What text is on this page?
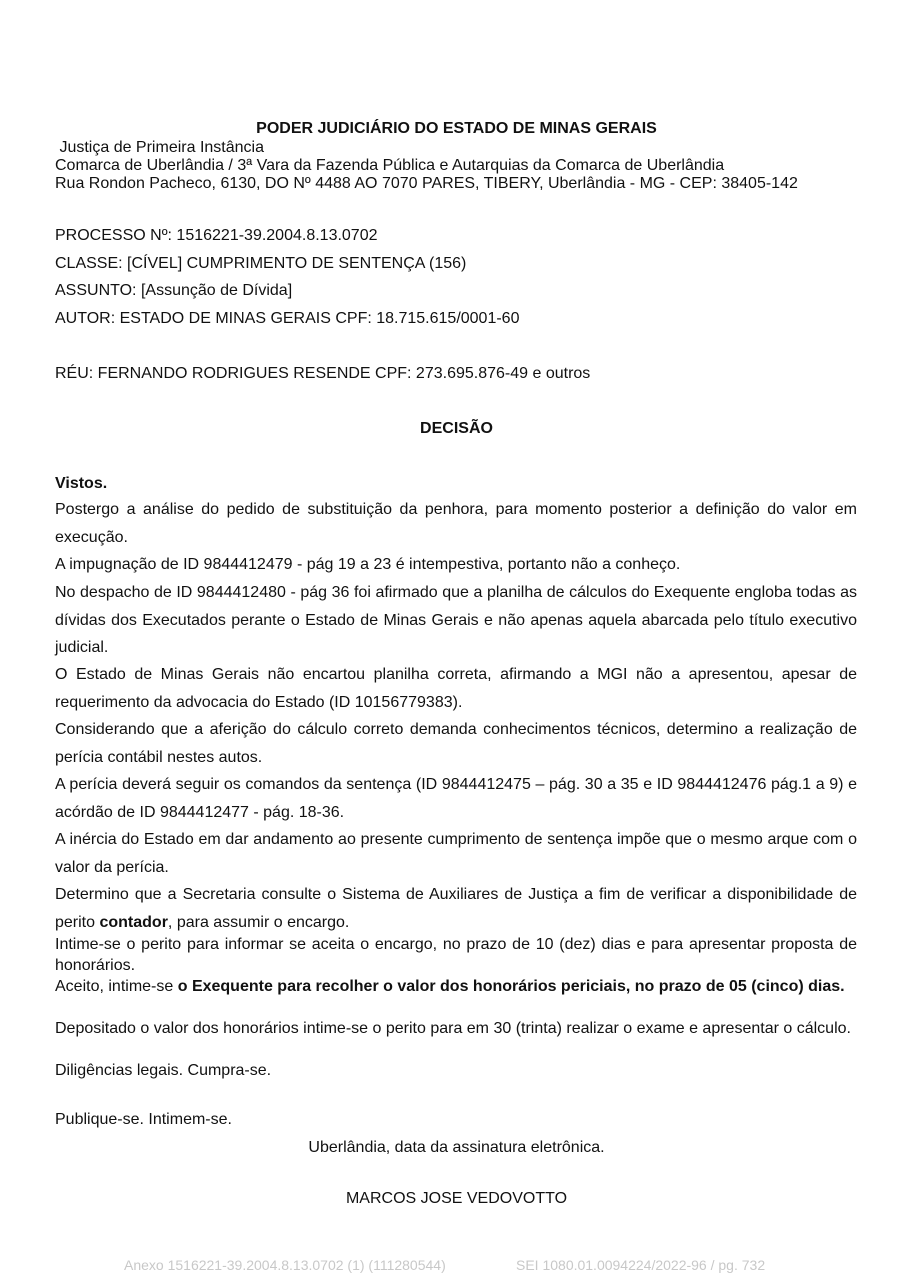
PODER JUDICIÁRIO DO ESTADO DE MINAS GERAIS
Justiça de Primeira Instância
Comarca de Uberlândia / 3ª Vara da Fazenda Pública e Autarquias da Comarca de Uberlândia
Rua Rondon Pacheco, 6130, DO Nº 4488 AO 7070 PARES, TIBERY, Uberlândia - MG - CEP: 38405-142
PROCESSO Nº: 1516221-39.2004.8.13.0702
CLASSE: [CÍVEL] CUMPRIMENTO DE SENTENÇA (156)
ASSUNTO: [Assunção de Dívida]
AUTOR: ESTADO DE MINAS GERAIS CPF: 18.715.615/0001-60
RÉU: FERNANDO RODRIGUES RESENDE CPF: 273.695.876-49 e outros
DECISÃO
Vistos.
Postergo a análise do pedido de substituição da penhora, para momento posterior a definição do valor em execução.
A impugnação de ID 9844412479 - pág 19 a 23 é intempestiva, portanto não a conheço.
No despacho de ID 9844412480 - pág 36 foi afirmado que a planilha de cálculos do Exequente engloba todas as dívidas dos Executados perante o Estado de Minas Gerais e não apenas aquela abarcada pelo título executivo judicial.
O Estado de Minas Gerais não encartou planilha correta, afirmando a MGI não a apresentou, apesar de requerimento da advocacia do Estado (ID 10156779383).
Considerando que a aferição do cálculo correto demanda conhecimentos técnicos, determino a realização de perícia contábil nestes autos.
A perícia deverá seguir os comandos da sentença (ID 9844412475 – pág. 30 a 35 e ID 9844412476 pág.1 a 9) e acórdão de ID 9844412477 - pág. 18-36.
A inércia do Estado em dar andamento ao presente cumprimento de sentença impõe que o mesmo arque com o valor da perícia.
Determino que a Secretaria consulte o Sistema de Auxiliares de Justiça a fim de verificar a disponibilidade de perito contador, para assumir o encargo.
Intime-se o perito para informar se aceita o encargo, no prazo de 10 (dez) dias e para apresentar proposta de honorários.
Aceito, intime-se o Exequente para recolher o valor dos honorários periciais, no prazo de 05 (cinco) dias.
Depositado o valor dos honorários intime-se o perito para em 30 (trinta) realizar o exame e apresentar o cálculo.
Diligências legais. Cumpra-se.
Publique-se. Intimem-se.
Uberlândia, data da assinatura eletrônica.
MARCOS JOSE VEDOVOTTO
Anexo 1516221-39.2004.8.13.0702 (1) (111280544)	SEI 1080.01.0094224/2022-96 / pg. 732
